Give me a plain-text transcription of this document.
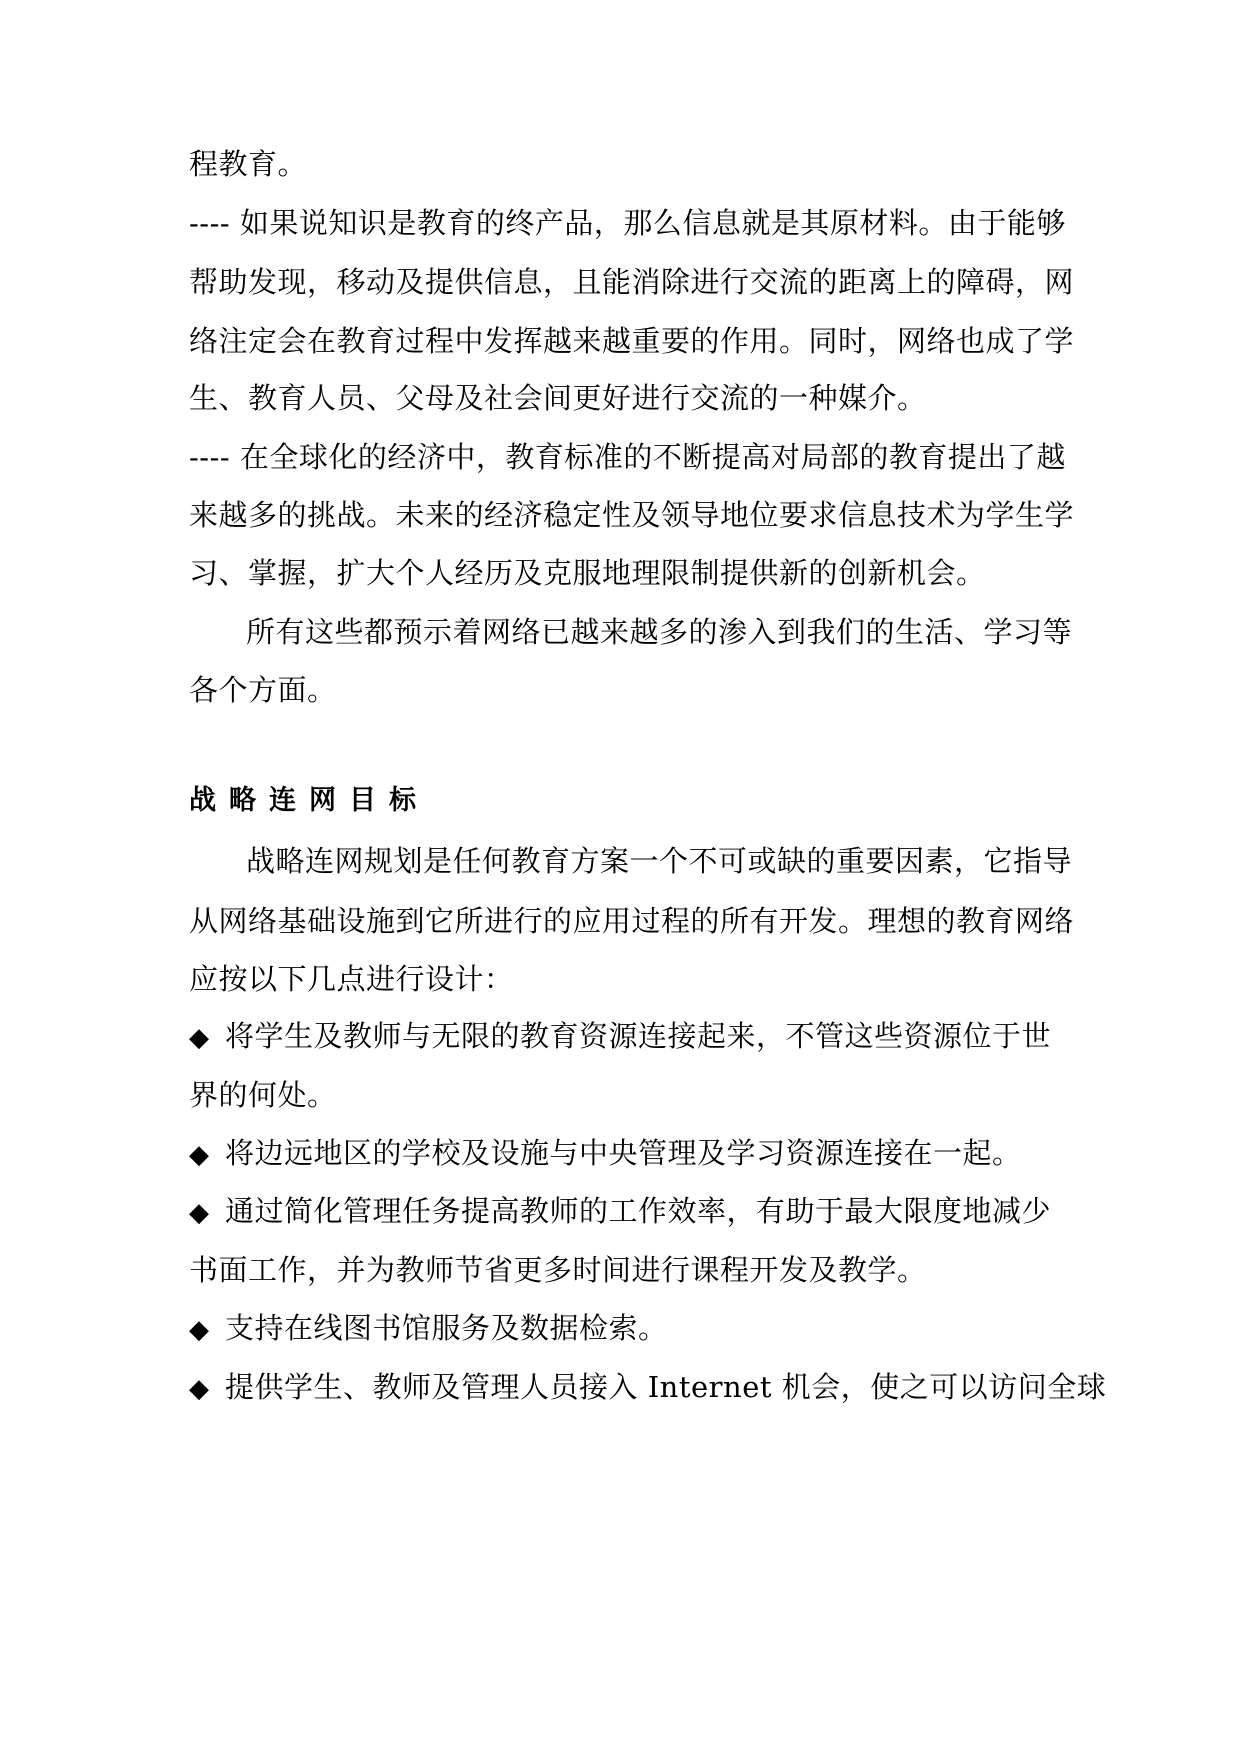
程教育。
---- 如果说知识是教育的终产品，那么信息就是其原材料。由于能够
帮助发现，移动及提供信息，且能消除进行交流的距离上的障碍，网
络注定会在教育过程中发挥越来越重要的作用。同时，网络也成了学
生、教育人员、父母及社会间更好进行交流的一种媒介。
---- 在全球化的经济中，教育标准的不断提高对局部的教育提出了越
来越多的挑战。未来的经济稳定性及领导地位要求信息技术为学生学
习、掌握，扩大个人经历及克服地理限制提供新的创新机会。
所有这些都预示着网络已越来越多的渗入到我们的生活、学习等
各个方面。
战略连网目标
战略连网规划是任何教育方案一个不可或缺的重要因素，它指导
从网络基础设施到它所进行的应用过程的所有开发。理想的教育网络
应按以下几点进行设计：
◆ 将学生及教师与无限的教育资源连接起来，不管这些资源位于世
界的何处。
◆ 将边远地区的学校及设施与中央管理及学习资源连接在一起。
◆ 通过简化管理任务提高教师的工作效率，有助于最大限度地减少
书面工作，并为教师节省更多时间进行课程开发及教学。
◆ 支持在线图书馆服务及数据检索。
◆ 提供学生、教师及管理人员接入 Internet 机会，使之可以访问全球
